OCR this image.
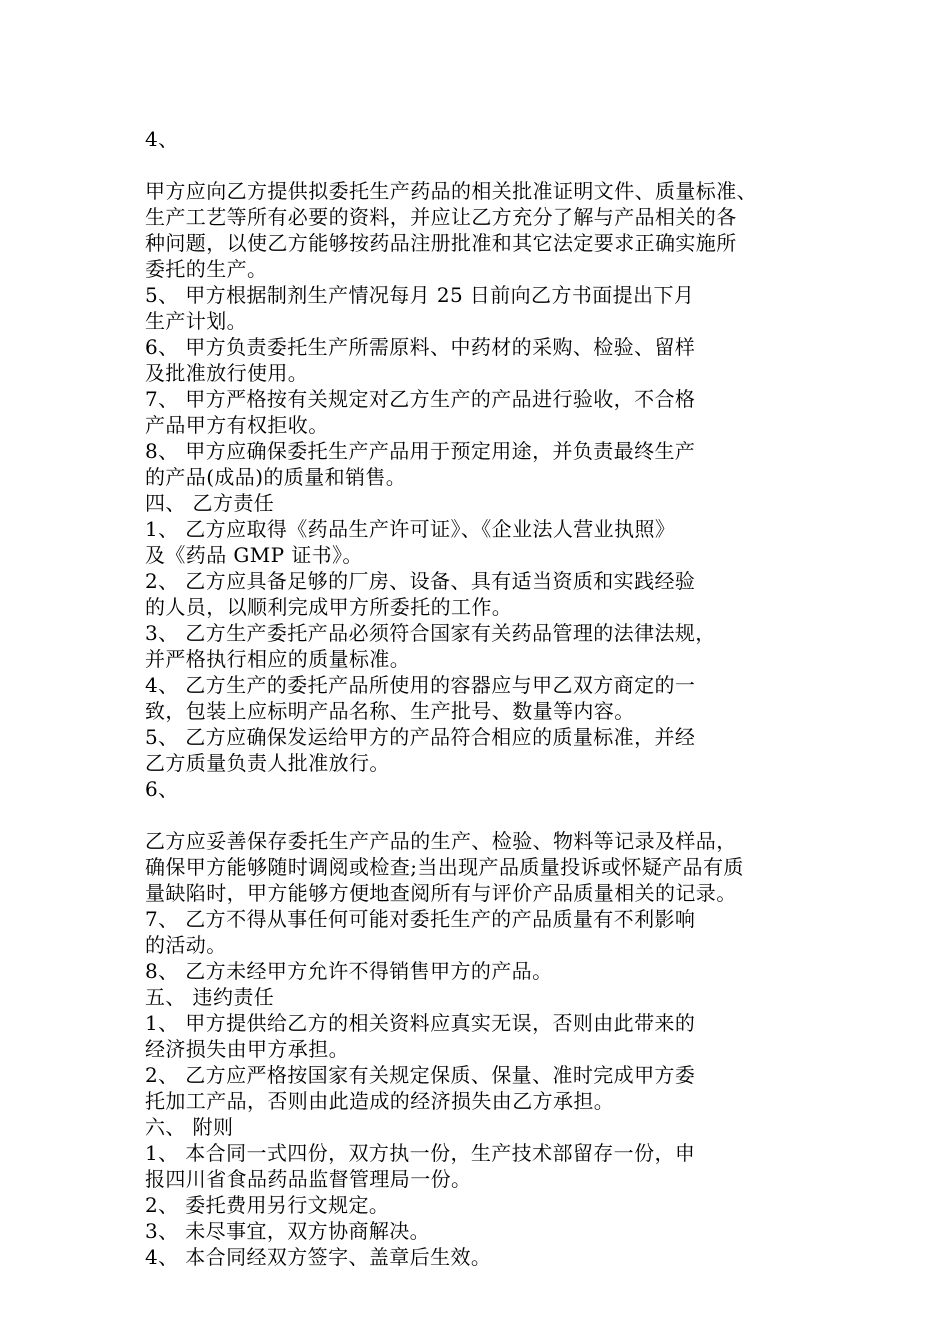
4、

甲方应向乙方提供拟委托生产药品的相关批准证明文件、质量标准、

生产工艺等所有必要的资料，并应让乙方充分了解与产品相关的各

种问题，以使乙方能够按药品注册批准和其它法定要求正确实施所

委托的生产。

5、 甲方根据制剂生产情况每月 25 日前向乙方书面提出下月

生产计划。

6、 甲方负责委托生产所需原料、中药材的采购、检验、留样

及批准放行使用。

7、 甲方严格按有关规定对乙方生产的产品进行验收，不合格

产品甲方有权拒收。

8、 甲方应确保委托生产产品用于预定用途，并负责最终生产

的产品(成品)的质量和销售。

四、 乙方责任

1、 乙方应取得《药品生产许可证》、《企业法人营业执照》

及《药品 GMP 证书》。

2、 乙方应具备足够的厂房、设备、具有适当资质和实践经验

的人员，以顺利完成甲方所委托的工作。

3、 乙方生产委托产品必须符合国家有关药品管理的法律法规，

并严格执行相应的质量标准。

4、 乙方生产的委托产品所使用的容器应与甲乙双方商定的一

致，包装上应标明产品名称、生产批号、数量等内容。

5、 乙方应确保发运给甲方的产品符合相应的质量标准，并经

乙方质量负责人批准放行。

6、

乙方应妥善保存委托生产产品的生产、检验、物料等记录及样品，

确保甲方能够随时调阅或检查;当出现产品质量投诉或怀疑产品有质

量缺陷时，甲方能够方便地查阅所有与评价产品质量相关的记录。

7、 乙方不得从事任何可能对委托生产的产品质量有不利影响

的活动。

8、 乙方未经甲方允许不得销售甲方的产品。

五、 违约责任

1、 甲方提供给乙方的相关资料应真实无误，否则由此带来的

经济损失由甲方承担。

2、 乙方应严格按国家有关规定保质、保量、准时完成甲方委

托加工产品，否则由此造成的经济损失由乙方承担。

六、 附则

1、 本合同一式四份，双方执一份，生产技术部留存一份，申

报四川省食品药品监督管理局一份。

2、 委托费用另行文规定。

3、 未尽事宜，双方协商解决。

4、 本合同经双方签字、盖章后生效。
